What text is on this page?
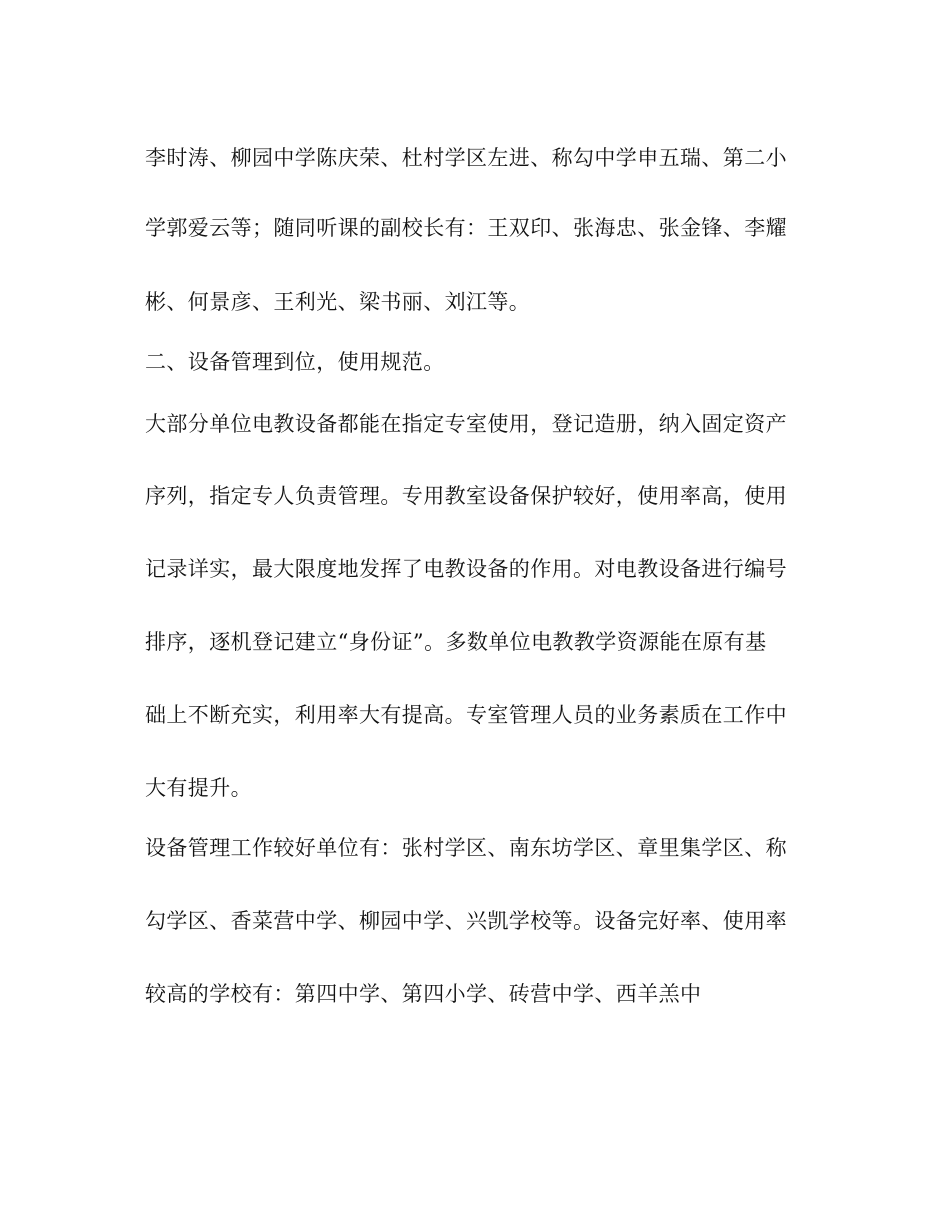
李时涛、柳园中学陈庆荣、杜村学区左进、称勾中学申五瑞、第二小
学郭爱云等；随同听课的副校长有：王双印、张海忠、张金锋、李耀
彬、何景彦、王利光、梁书丽、刘江等。
二、设备管理到位，使用规范。
大部分单位电教设备都能在指定专室使用，登记造册，纳入固定资产
序列，指定专人负责管理。专用教室设备保护较好，使用率高，使用
记录详实，最大限度地发挥了电教设备的作用。对电教设备进行编号
排序，逐机登记建立“身份证”。多数单位电教教学资源能在原有基
础上不断充实，利用率大有提高。专室管理人员的业务素质在工作中
大有提升。
设备管理工作较好单位有：张村学区、南东坊学区、章里集学区、称
勾学区、香菜营中学、柳园中学、兴凯学校等。设备完好率、使用率
较高的学校有：第四中学、第四小学、砖营中学、西羊羔中
